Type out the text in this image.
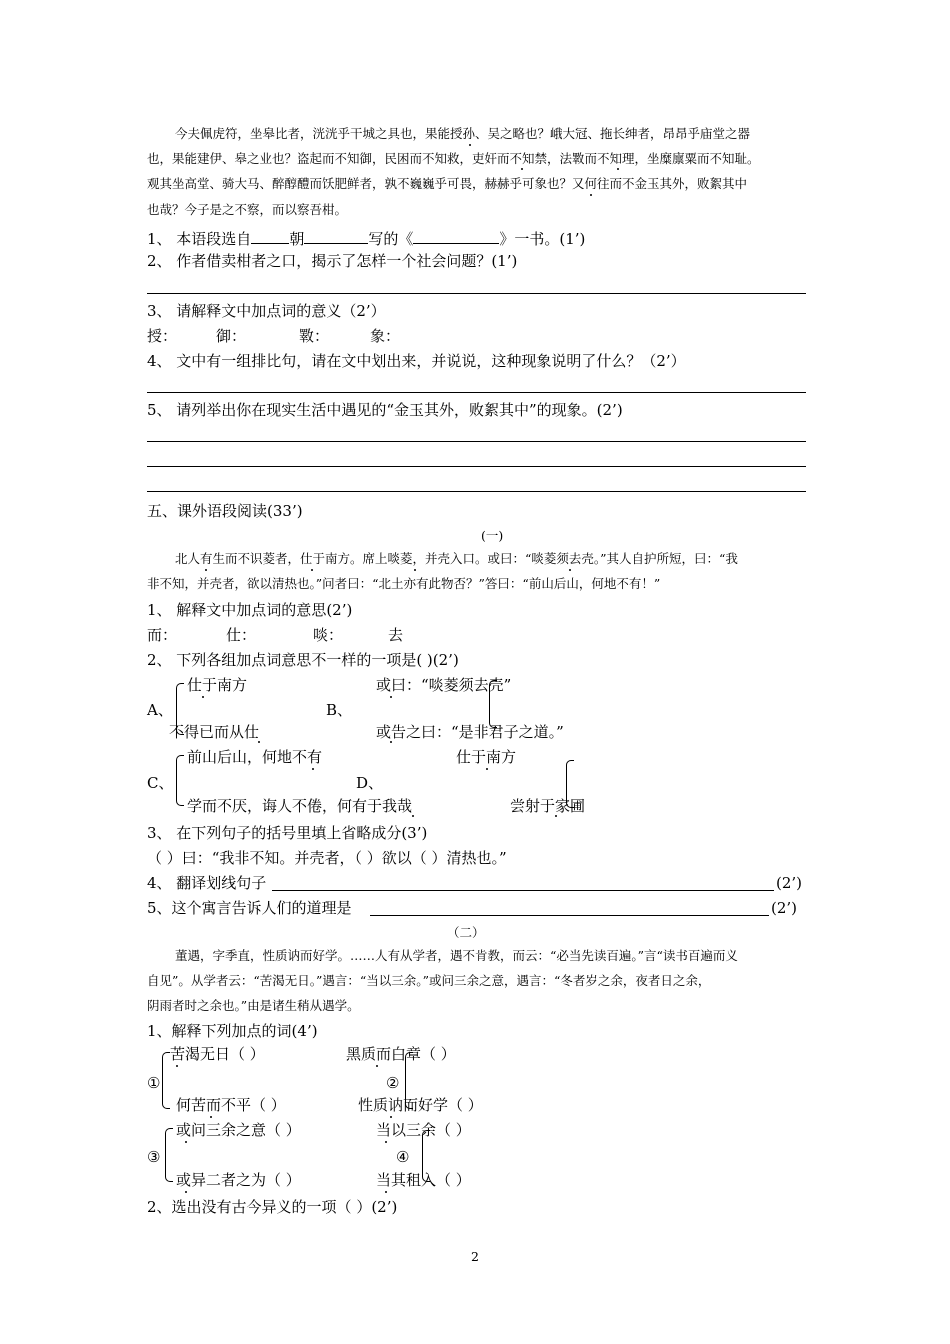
今夫佩虎符，坐皋比者，洸洸乎干城之具也，果能授孙、吴之略也？峨大冠、拖长绅者，昂昂乎庙堂之器
也，果能建伊、皋之业也？盗起而不知御，民困而不知救，吏奸而不知禁，法斁而不知理，坐糜廪粟而不知耻。
观其坐高堂、骑大马、醉醇醴而饫肥鲜者，孰不巍巍乎可畏，赫赫乎可象也？又何往而不金玉其外，败絮其中
也哉？今子是之不察，而以察吾柑。
1、 本语段选自	朝	写的《	》一书。(1’)
2、 作者借卖柑者之口，揭示了怎样一个社会问题？(1’)
3、 请解释文中加点词的意义（2’）
授：	御：	斁：	象：
4、 文中有一组排比句，请在文中划出来，并说说，这种现象说明了什么？（2’）
5、 请列举出你在现实生活中遇见的“金玉其外，败絮其中”的现象。(2’)
五、课外语段阅读(33’)
(一)
北人有生而不识菱者，仕于南方。席上啖菱，并壳入口。或曰：“啖菱须去壳。”其人自护所短，曰：“我
非不知，并壳者，欲以清热也。”问者曰：“北土亦有此物否？”答曰：“前山后山，何地不有！”
1、 解释文中加点词的意思(2’)
而：	仕：	啖：	去
2、 下列各组加点词意思不一样的一项是( )(2’)
A、
仕于南方
不得已而从仕
B、
或曰：“啖菱须去壳”
或告之曰：“是非君子之道。”
C、
前山后山，何地不有
学而不厌，诲人不倦，何有于我哉
D、
仕于南方
尝射于家圃
3、 在下列句子的括号里填上省略成分(3’)
（ ）曰：“我非不知。并壳者，（ ）欲以（ ）清热也。”
4、 翻译划线句子	(2’)
5、这个寓言告诉人们的道理是	(2’)
（二）
董遇，字季直，性质讷而好学。……人有从学者，遇不肯教，而云：“必当先读百遍。”言“读书百遍而义
自见”。从学者云：“苦渴无日。”遇言：“当以三余。”或问三余之意，遇言：“冬者岁之余，夜者日之余，
阴雨者时之余也。”由是诸生稍从遇学。
1、解释下列加点的词(4’)
①
苦渴无日（ ）
何苦而不平（ ）
②
黑质而白章（ ）
性质讷而好学（ ）
③
或问三余之意（ ）
或异二者之为（ ）
④
当以三余（ ）
当其租入（ ）
2、选出没有古今异义的一项（ ）(2’)
2
